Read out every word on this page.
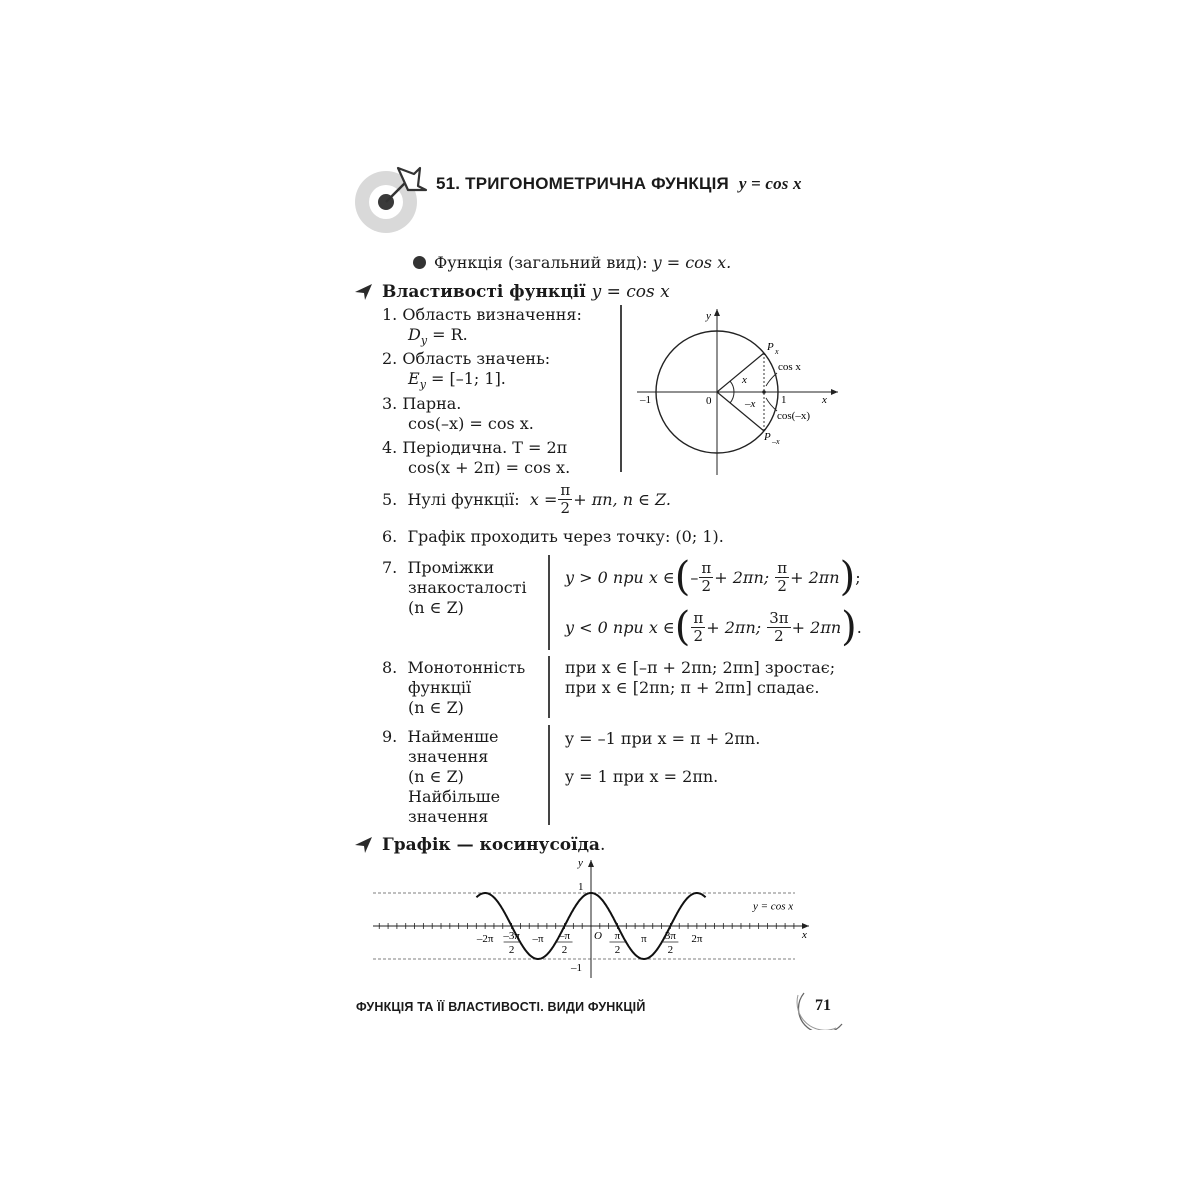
51. ТРИГОНОМЕТРИЧНА ФУНКЦІЯ y = cos x
Функція (загальний вид): y = cos x.
Властивості функції y = cos x
1. Область визначення:
$D_y = R$.
2. Область значень:
$E_y = [-1$; 1].
3. Парна.
cos(–x) = cos x.
4. Періодична. T = 2π
cos(x + 2π) = cos x.
y
x
0
–1	1
P x
P –x
cos x
cos(–x)
x
–x
5.
Нулі функції:
$x = \frac{\pi}{2} + \pi n$, n ∈ Z.
6. Графік проходить через точку: (0; 1).
7. Проміжки
знакосталості
(n ∈ Z)
y > 0 при x ∈ ( – $\frac{\pi}{2} + 2\pi n$;
$\frac{\pi}{2} + 2\pi n$ ) ;
y < 0 при x ∈ ( $\frac{\pi}{2} + 2\pi n$;
$\frac{3\pi}{2} + 2\pi n$ ) .
8. Монотонність
функції
(n ∈ Z)
при x ∈ [–π + 2πn; 2πn] зростає;
при x ∈ [2πn; π + 2πn] спадає.
9. Найменше
значення
(n ∈ Z)
Найбільше
значення
y = –1 при x = π + 2πn.
y = 1 при x = 2πn.
Графік — косинусоїда.
y
x
1
–1
O
–2π –3π
2
–π –π
2
π
2
π 3π
2
2π
y = cos x
ФУНКЦІЯ ТА ЇЇ ВЛАСТИВОСТІ. ВИДИ ФУНКЦІЙ	71
